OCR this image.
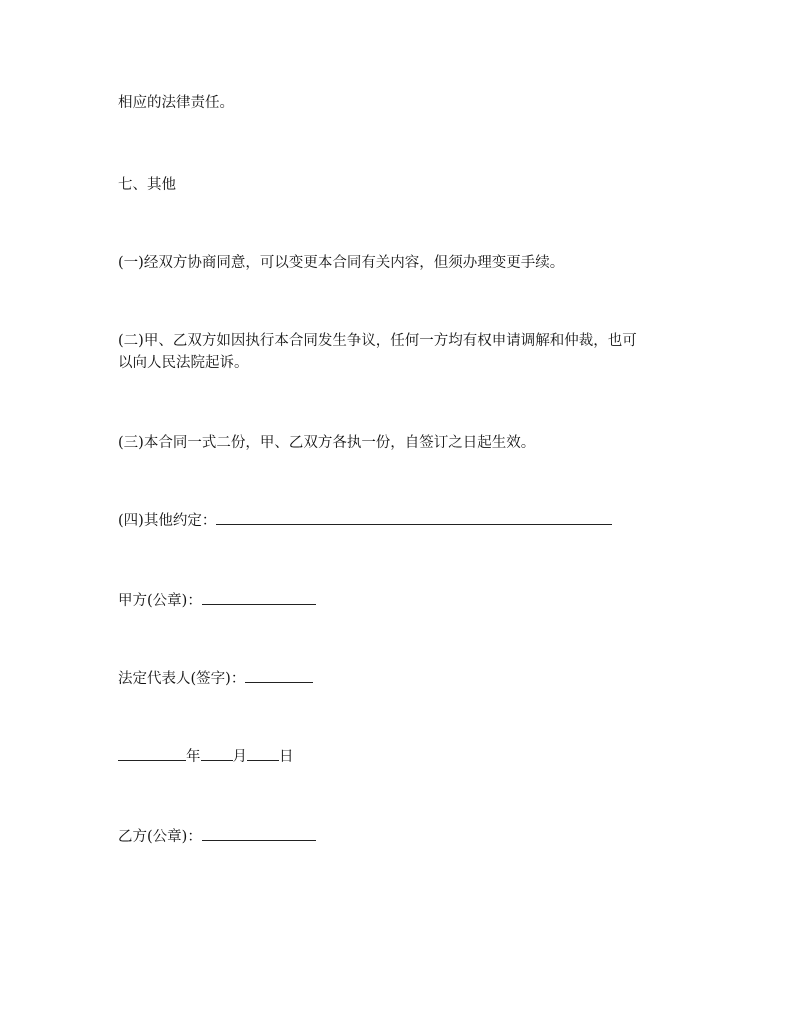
相应的法律责任。
七、其他
(一)经双方协商同意，可以变更本合同有关内容，但须办理变更手续。
(二)甲、乙双方如因执行本合同发生争议，任何一方均有权申请调解和仲裁，也可
以向人民法院起诉。
(三)本合同一式二份，甲、乙双方各执一份，自签订之日起生效。
(四)其他约定：
甲方(公章)：
法定代表人(签字)：
年 月 日
乙方(公章)：
